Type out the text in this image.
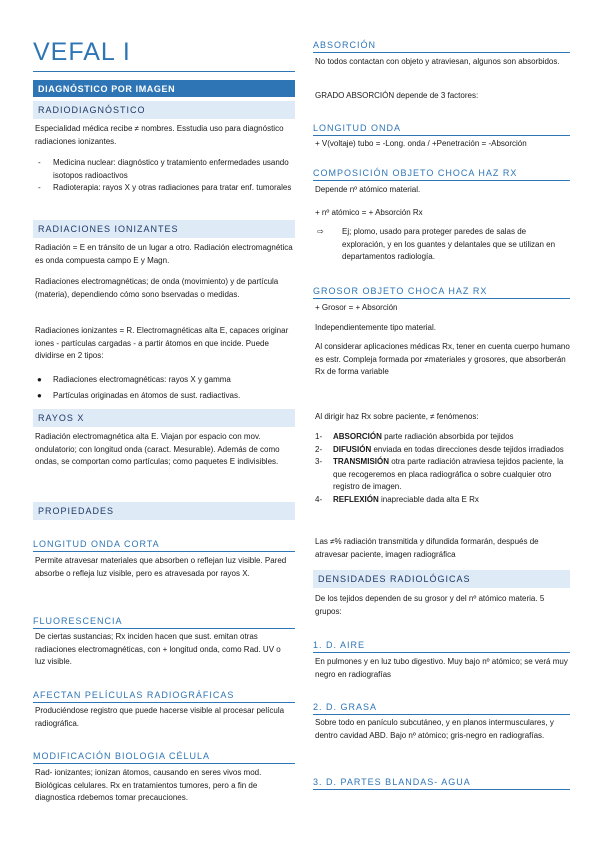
VEFAL I
DIAGNÓSTICO POR IMAGEN
RADIODIAGNÓSTICO
Especialidad médica recibe ≠ nombres. Esstudia uso para diagnóstico radiaciones ionizantes.
- Medicina nuclear: diagnóstico y tratamiento enfermedades usando isotopos radioactivos
- Radioterapia: rayos X y otras radiaciones para tratar enf. tumorales
RADIACIONES IONIZANTES
Radiación = E en tránsito de un lugar a otro. Radiación electromagnética es onda compuesta campo E y Magn.
Radiaciones electromagnéticas; de onda (movimiento) y de partícula (materia), dependiendo cómo sono bservadas o medidas.
Radiaciones ionizantes = R. Electromagnéticas alta E, capaces originar iones - partículas cargadas - a partir átomos en que incide. Puede dividirse en 2 tipos:
● Radiaciones electromagnéticas: rayos X y gamma
● Partículas originadas en átomos de sust. radiactivas.
RAYOS X
Radiación electromagnética alta E. Viajan por espacio con mov. ondulatorio; con longitud onda (caract. Mesurable). Además de como ondas, se comportan como partículas; como paquetes E indivisibles.
PROPIEDADES
LONGITUD ONDA CORTA
Permite atravesar materiales que absorben o reflejan luz visible. Pared absorbe o refleja luz visible, pero es atravesada por rayos X.
FLUORESCENCIA
De ciertas sustancias; Rx inciden hacen que sust. emitan otras radiaciones electromagnéticas, con + longitud onda, como Rad. UV o luz visible.
AFECTAN PELÍCULAS RADIOGRÁFICAS
Produciéndose registro que puede hacerse visible al procesar película radiográfica.
MODIFICACIÓN BIOLOGIA CÉLULA
Rad- ionizantes; ionizan átomos, causando en seres vivos mod. Biológicas celulares. Rx en tratamientos tumores, pero a fin de diagnostica rdebemos tomar precauciones.
ABSORCIÓN
No todos contactan con objeto y atraviesan, algunos son absorbidos.
GRADO ABSORCIÓN depende de 3 factores:
LONGITUD ONDA
+ V(voltaje) tubo = -Long. onda / +Penetración = -Absorción
COMPOSICIÓN OBJETO CHOCA HAZ RX
Depende nº atómico material.
+ nº atómico = + Absorción Rx
⇨ Ej; plomo, usado para proteger paredes de salas de exploración, y en los guantes y delantales que se utilizan en departamentos radiología.
GROSOR OBJETO CHOCA HAZ RX
+ Grosor = + Absorción
Independientemente tipo material.
Al considerar aplicaciones médicas Rx, tener en cuenta cuerpo humano es estr. Compleja formada por ≠materiales y grosores, que absorberán Rx de forma variable
Al dirigir haz Rx sobre paciente, ≠ fenómenos:
1- ABSORCIÓN parte radiación absorbida por tejidos
2- DIFUSIÓN enviada en todas direcciones desde tejidos irradiados
3- TRANSMISIÓN otra parte radiación atraviesa tejidos paciente, la que recogeremos en placa radiográfica o sobre cualquier otro registro de imagen.
4- REFLEXIÓN inapreciable dada alta E Rx
Las ≠% radiación transmitida y difundida formarán, después de atravesar paciente, imagen radiográfica
DENSIDADES RADIOLÓGICAS
De los tejidos dependen de su grosor y del nº atómico materia. 5 grupos:
1. D. AIRE
En pulmones y en luz tubo digestivo. Muy bajo nº atómico; se verá muy negro en radiografías
2. D. GRASA
Sobre todo en panículo subcutáneo, y en planos intermusculares, y dentro cavidad ABD. Bajo nº atómico; gris-negro en radiografías.
3. D. PARTES BLANDAS- AGUA
